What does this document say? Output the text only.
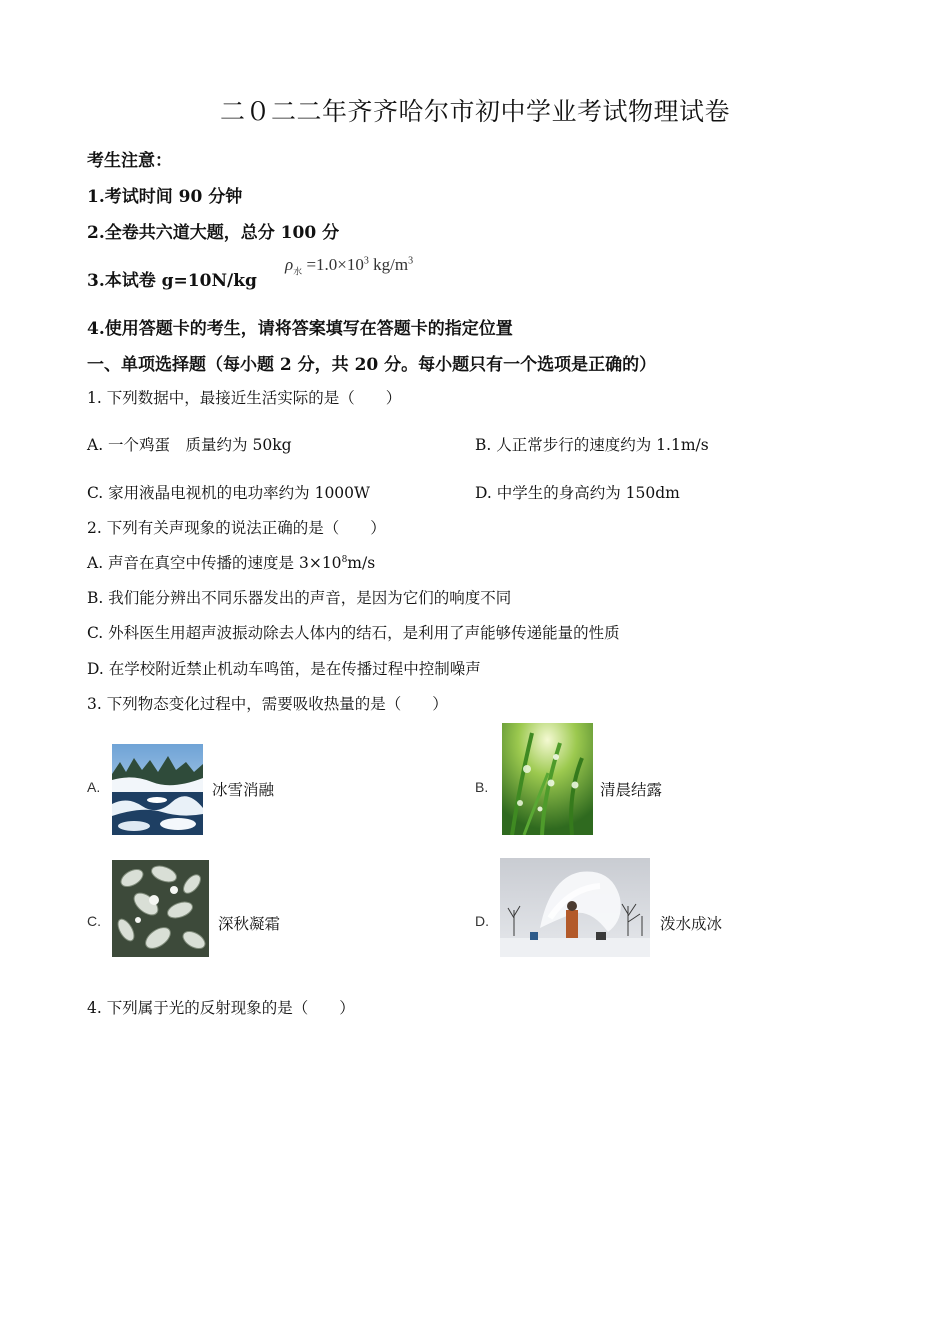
二０二二年齐齐哈尔市初中学业考试物理试卷
考生注意：
1.考试时间 90 分钟
2.全卷共六道大题，总分 100 分
3.本试卷 g=10N/kg
$\rho_水 =1.0\times 10^3$ $kg/m^3$
4.使用答题卡的考生，请将答案填写在答题卡的指定位置
一、单项选择题（每小题 2 分，共 20 分。每小题只有一个选项是正确的）
1. 下列数据中，最接近生活实际的是（　　）
A. 一个鸡蛋　质量约为 50kg	B. 人正常步行的速度约为 1.1m/s
C. 家用液晶电视机的电功率约为 1000W	D. 中学生的身高约为 150dm
2. 下列有关声现象的说法正确的是（　　）
A. 声音在真空中传播的速度是 $3\times 10^8m/s$
B. 我们能分辨出不同乐器发出的声音，是因为它们的响度不同
C. 外科医生用超声波振动除去人体内的结石，是利用了声能够传递能量的性质
D. 在学校附近禁止机动车鸣笛，是在传播过程中控制噪声
3. 下列物态变化过程中，需要吸收热量的是（　　）
A.	冰雪消融	B.	清晨结露
C.	深秋凝霜	D.	泼水成冰
4. 下列属于光的反射现象的是（　　）
